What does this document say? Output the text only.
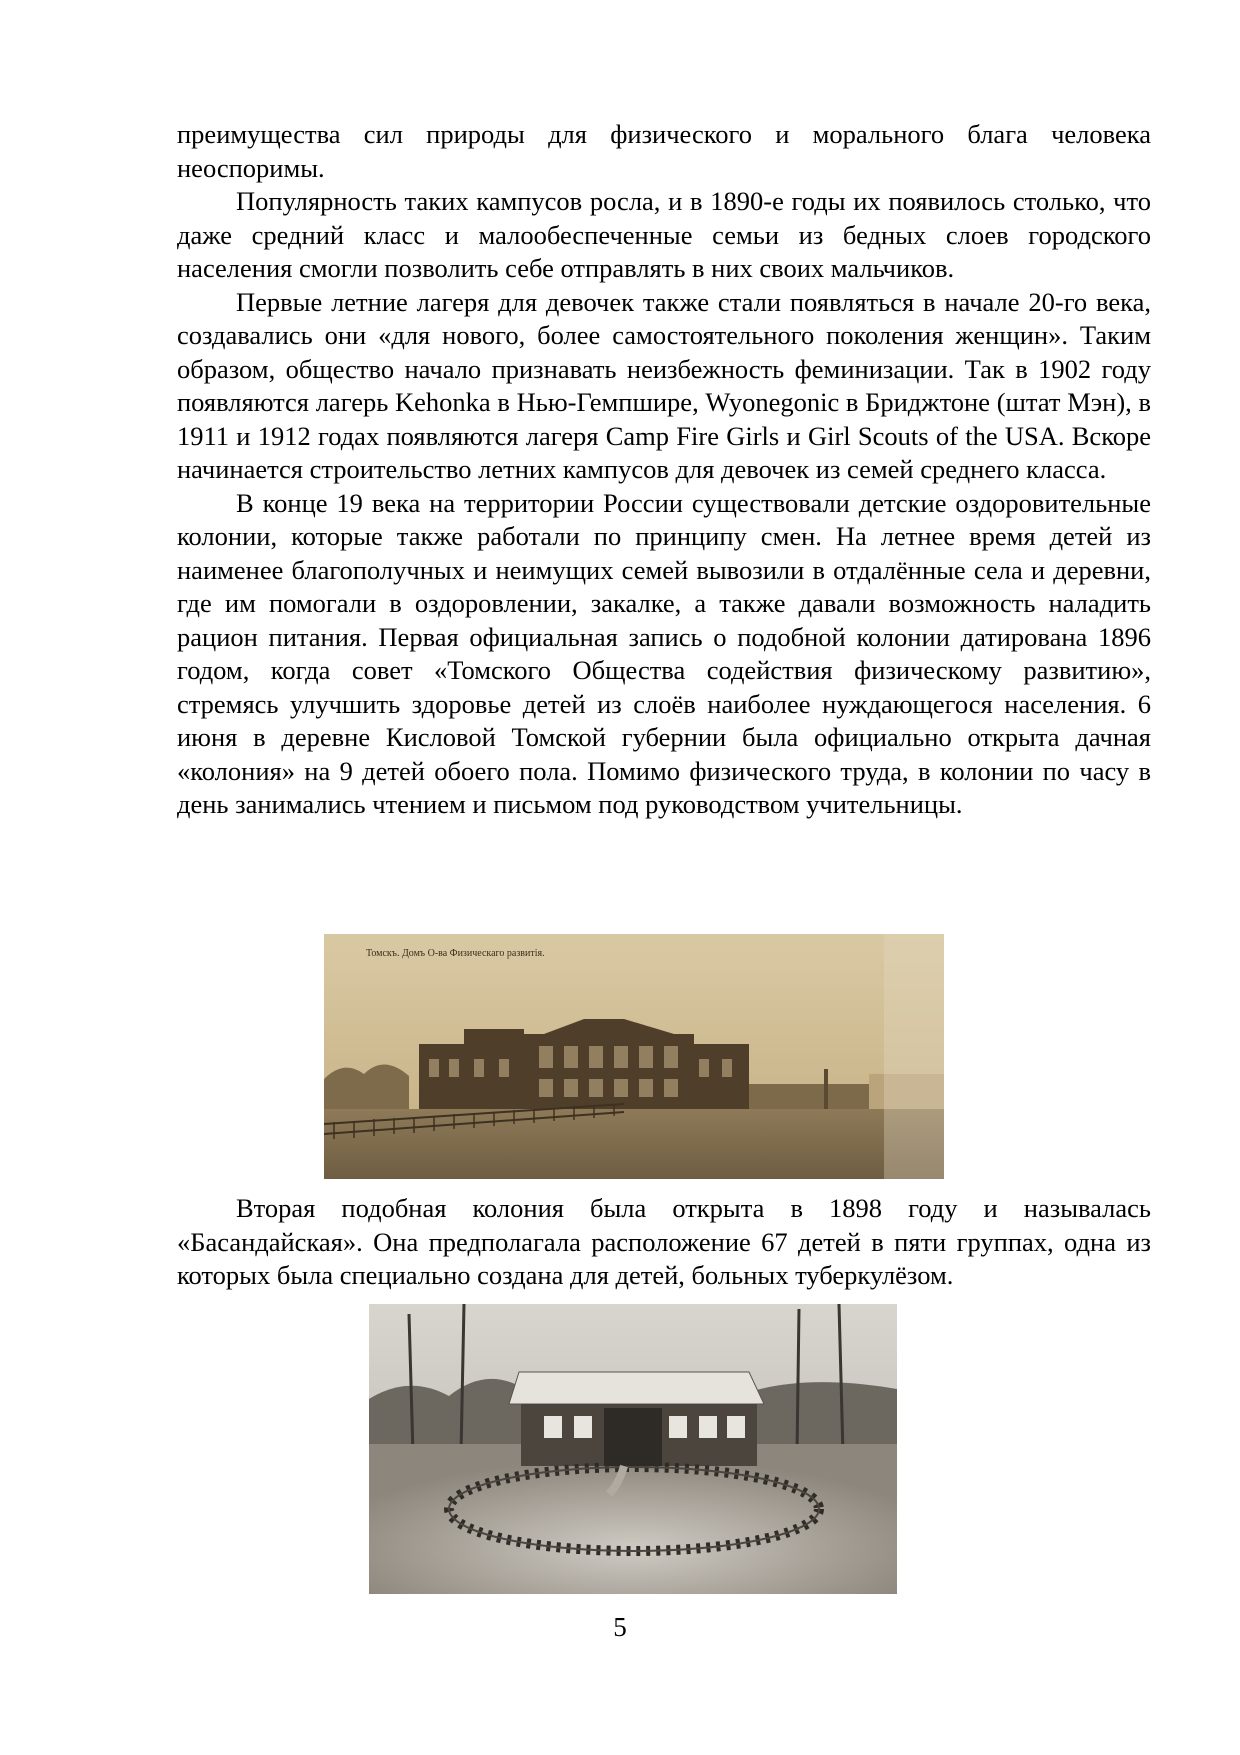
преимущества сил природы для физического и морального блага человека неоспоримы.

Популярность таких кампусов росла, и в 1890-е годы их появилось столько, что даже средний класс и малообеспеченные семьи из бедных слоев городского населения смогли позволить себе отправлять в них своих мальчиков.

Первые летние лагеря для девочек также стали появляться в начале 20-го века, создавались они «для нового, более самостоятельного поколения женщин». Таким образом, общество начало признавать неизбежность феминизации. Так в 1902 году появляются лагерь Kehonka в Нью-Гемпшире, Wyonegonic в Бриджтоне (штат Мэн), в 1911 и 1912 годах появляются лагеря Camp Fire Girls и Girl Scouts of the USA. Вскоре начинается строительство летних кампусов для девочек из семей среднего класса.

В конце 19 века на территории России существовали детские оздоровительные колонии, которые также работали по принципу смен. На летнее время детей из наименее благополучных и неимущих семей вывозили в отдалённые села и деревни, где им помогали в оздоровлении, закалке, а также давали возможность наладить рацион питания. Первая официальная запись о подобной колонии датирована 1896 годом, когда совет «Томского Общества содействия физическому развитию», стремясь улучшить здоровье детей из слоёв наиболее нуждающегося населения. 6 июня в деревне Кисловой Томской губернии была официально открыта дачная «колония» на 9 детей обоего пола. Помимо физического труда, в колонии по часу в день занимались чтением и письмом под руководством учительницы.

Томскъ. Домъ О-ва Физическаго развитія.

Вторая подобная колония была открыта в 1898 году и называлась «Басандайская». Она предполагала расположение 67 детей в пяти группах, одна из которых была специально создана для детей, больных туберкулёзом.

5
